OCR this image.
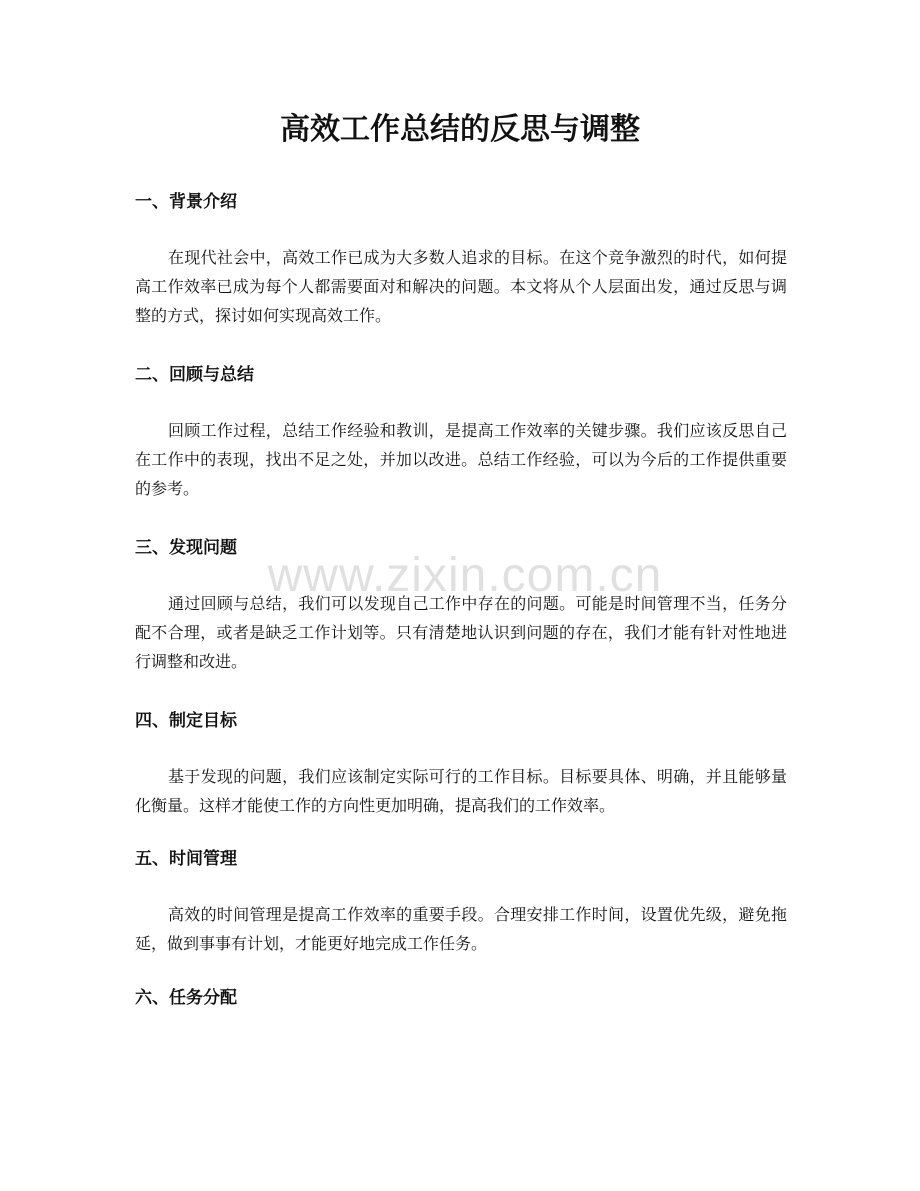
高效工作总结的反思与调整
一、背景介绍

在现代社会中，高效工作已成为大多数人追求的目标。在这个竞争激烈的时代，如何提高工作效率已成为每个人都需要面对和解决的问题。本文将从个人层面出发，通过反思与调整的方式，探讨如何实现高效工作。

二、回顾与总结

回顾工作过程，总结工作经验和教训，是提高工作效率的关键步骤。我们应该反思自己在工作中的表现，找出不足之处，并加以改进。总结工作经验，可以为今后的工作提供重要的参考。

三、发现问题

通过回顾与总结，我们可以发现自己工作中存在的问题。可能是时间管理不当，任务分配不合理，或者是缺乏工作计划等。只有清楚地认识到问题的存在，我们才能有针对性地进行调整和改进。

四、制定目标

基于发现的问题，我们应该制定实际可行的工作目标。目标要具体、明确，并且能够量化衡量。这样才能使工作的方向性更加明确，提高我们的工作效率。

五、时间管理

高效的时间管理是提高工作效率的重要手段。合理安排工作时间，设置优先级，避免拖延，做到事事有计划，才能更好地完成工作任务。

六、任务分配
www.zixin.com.cn
